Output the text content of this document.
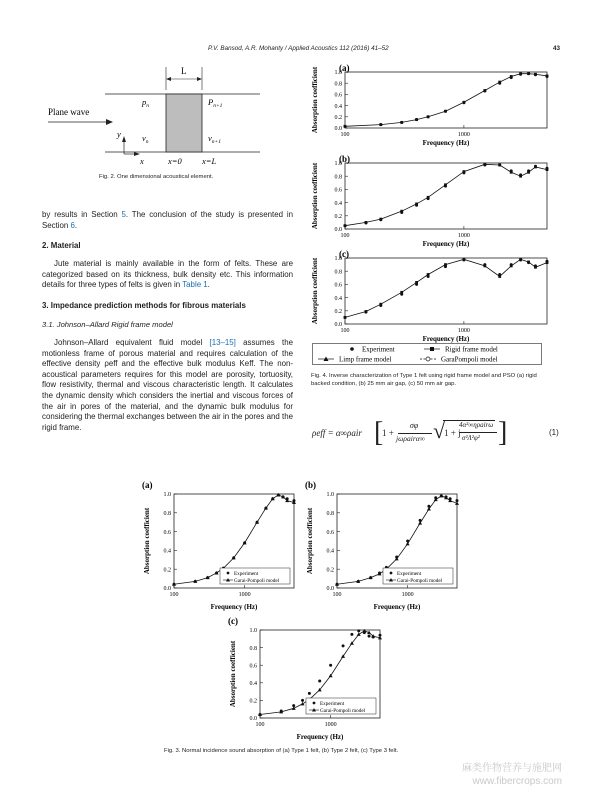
P.V. Bansod, A.R. Mohanty / Applied Acoustics 112 (2016) 41–52	43
L
Plane wave
$p_n$	$P_{n+1}$
$v_n$	$v_{n+1}$
y
x	x=0 x=L
Fig. 2. One dimensional acoustical element.

by results in Section 5. The conclusion of the study is presented in Section 6.

2. Material

Jute material is mainly available in the form of felts. These are categorized based on its thickness, bulk density etc. This information details for three types of felts is given in Table 1.

3. Impedance prediction methods for fibrous materials
3.1. Johnson–Allard Rigid frame model

Johnson–Allard equivalent fluid model [13–15] assumes the motionless frame of porous material and requires calculation of the effective density ρeff and the effective bulk modulus Keff. The non-acoustical parameters requires for this model are porosity, tortuosity, flow resistivity, thermal and viscous characteristic length. It calculates the dynamic density which considers the inertial and viscous forces of the air in pores of the material, and the dynamic bulk modulus for considering the thermal exchanges between the air in the pores and the rigid frame.

0.0
0.2
0.4
0.6
0.8
1.0
100	1000
Frequency (Hz)
Absorption coefficient (a)
0.0
0.2
0.4
0.6
0.8
1.0
100	1000
Frequency (Hz)
Absorption coefficient
(b)
0.0
0.2
0.4
0.6
0.8
1.0
100	1000
Frequency (Hz)
Absorption coefficient
(c)
Experiment	Rigid frame model
Limp frame model	GaraPompoli model
Fig. 4. Inverse characterization of Type 1 felt using rigid frame model and PSO (a) rigid backed condition, (b) 25 mm air gap, (c) 50 mm air gap.
ρeff = α∞ρair [
1 +
σφ
jωρairα∞ √
1 + j
4α²∞ηρairω
σ²Λ²φ² ]	(1)
0.0
0.2
0.4
0.6
0.8
1.0
100	1000
Frequency (Hz)
Absorption coefficient
(a)
Experiment
Garai-Pompoli model
0.0
0.2
0.4
0.6
0.8
1.0
100	1000
Frequency (Hz)
Absorption coefficient
(b)
Experiment
Garai-Pompoli model
0.0
0.2
0.4
0.6
0.8
1.0
100	1000
Frequency (Hz)
Absorption coefficient
(c)
Experiment
Garai-Pompoli model
Fig. 3. Normal incidence sound absorption of (a) Type 1 felt, (b) Type 2 felt, (c) Type 3 felt.
麻类作物营养与施肥网
www.fibercrops.com
